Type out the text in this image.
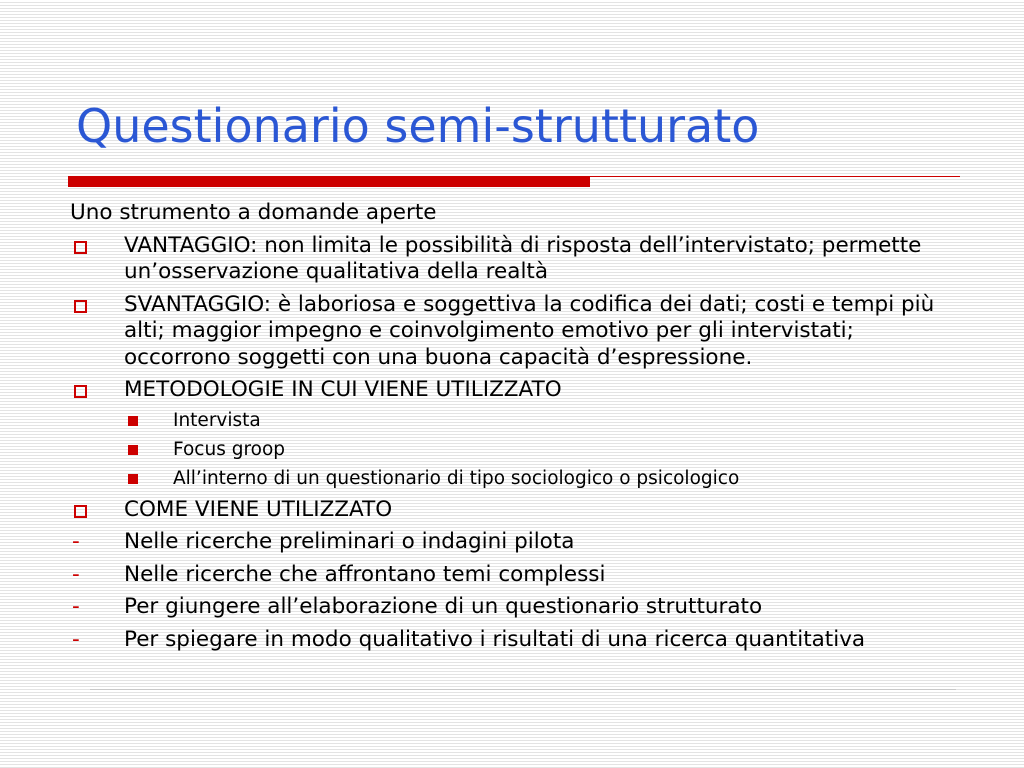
Questionario semi-strutturato
Uno strumento a domande aperte
VANTAGGIO: non limita le possibilità di risposta dell’intervistato; permette un’osservazione qualitativa della realtà
SVANTAGGIO: è laboriosa e soggettiva la codifica dei dati; costi e tempi più alti; maggior impegno e coinvolgimento emotivo per gli intervistati; occorrono soggetti con una buona capacità d’espressione.
METODOLOGIE IN CUI VIENE UTILIZZATO
Intervista
Focus groop
All’interno di un questionario di tipo sociologico o psicologico
COME VIENE UTILIZZATO
- Nelle ricerche preliminari o indagini pilota
- Nelle ricerche che affrontano temi complessi
- Per giungere all’elaborazione di un questionario strutturato
- Per spiegare in modo qualitativo i risultati di una ricerca quantitativa
